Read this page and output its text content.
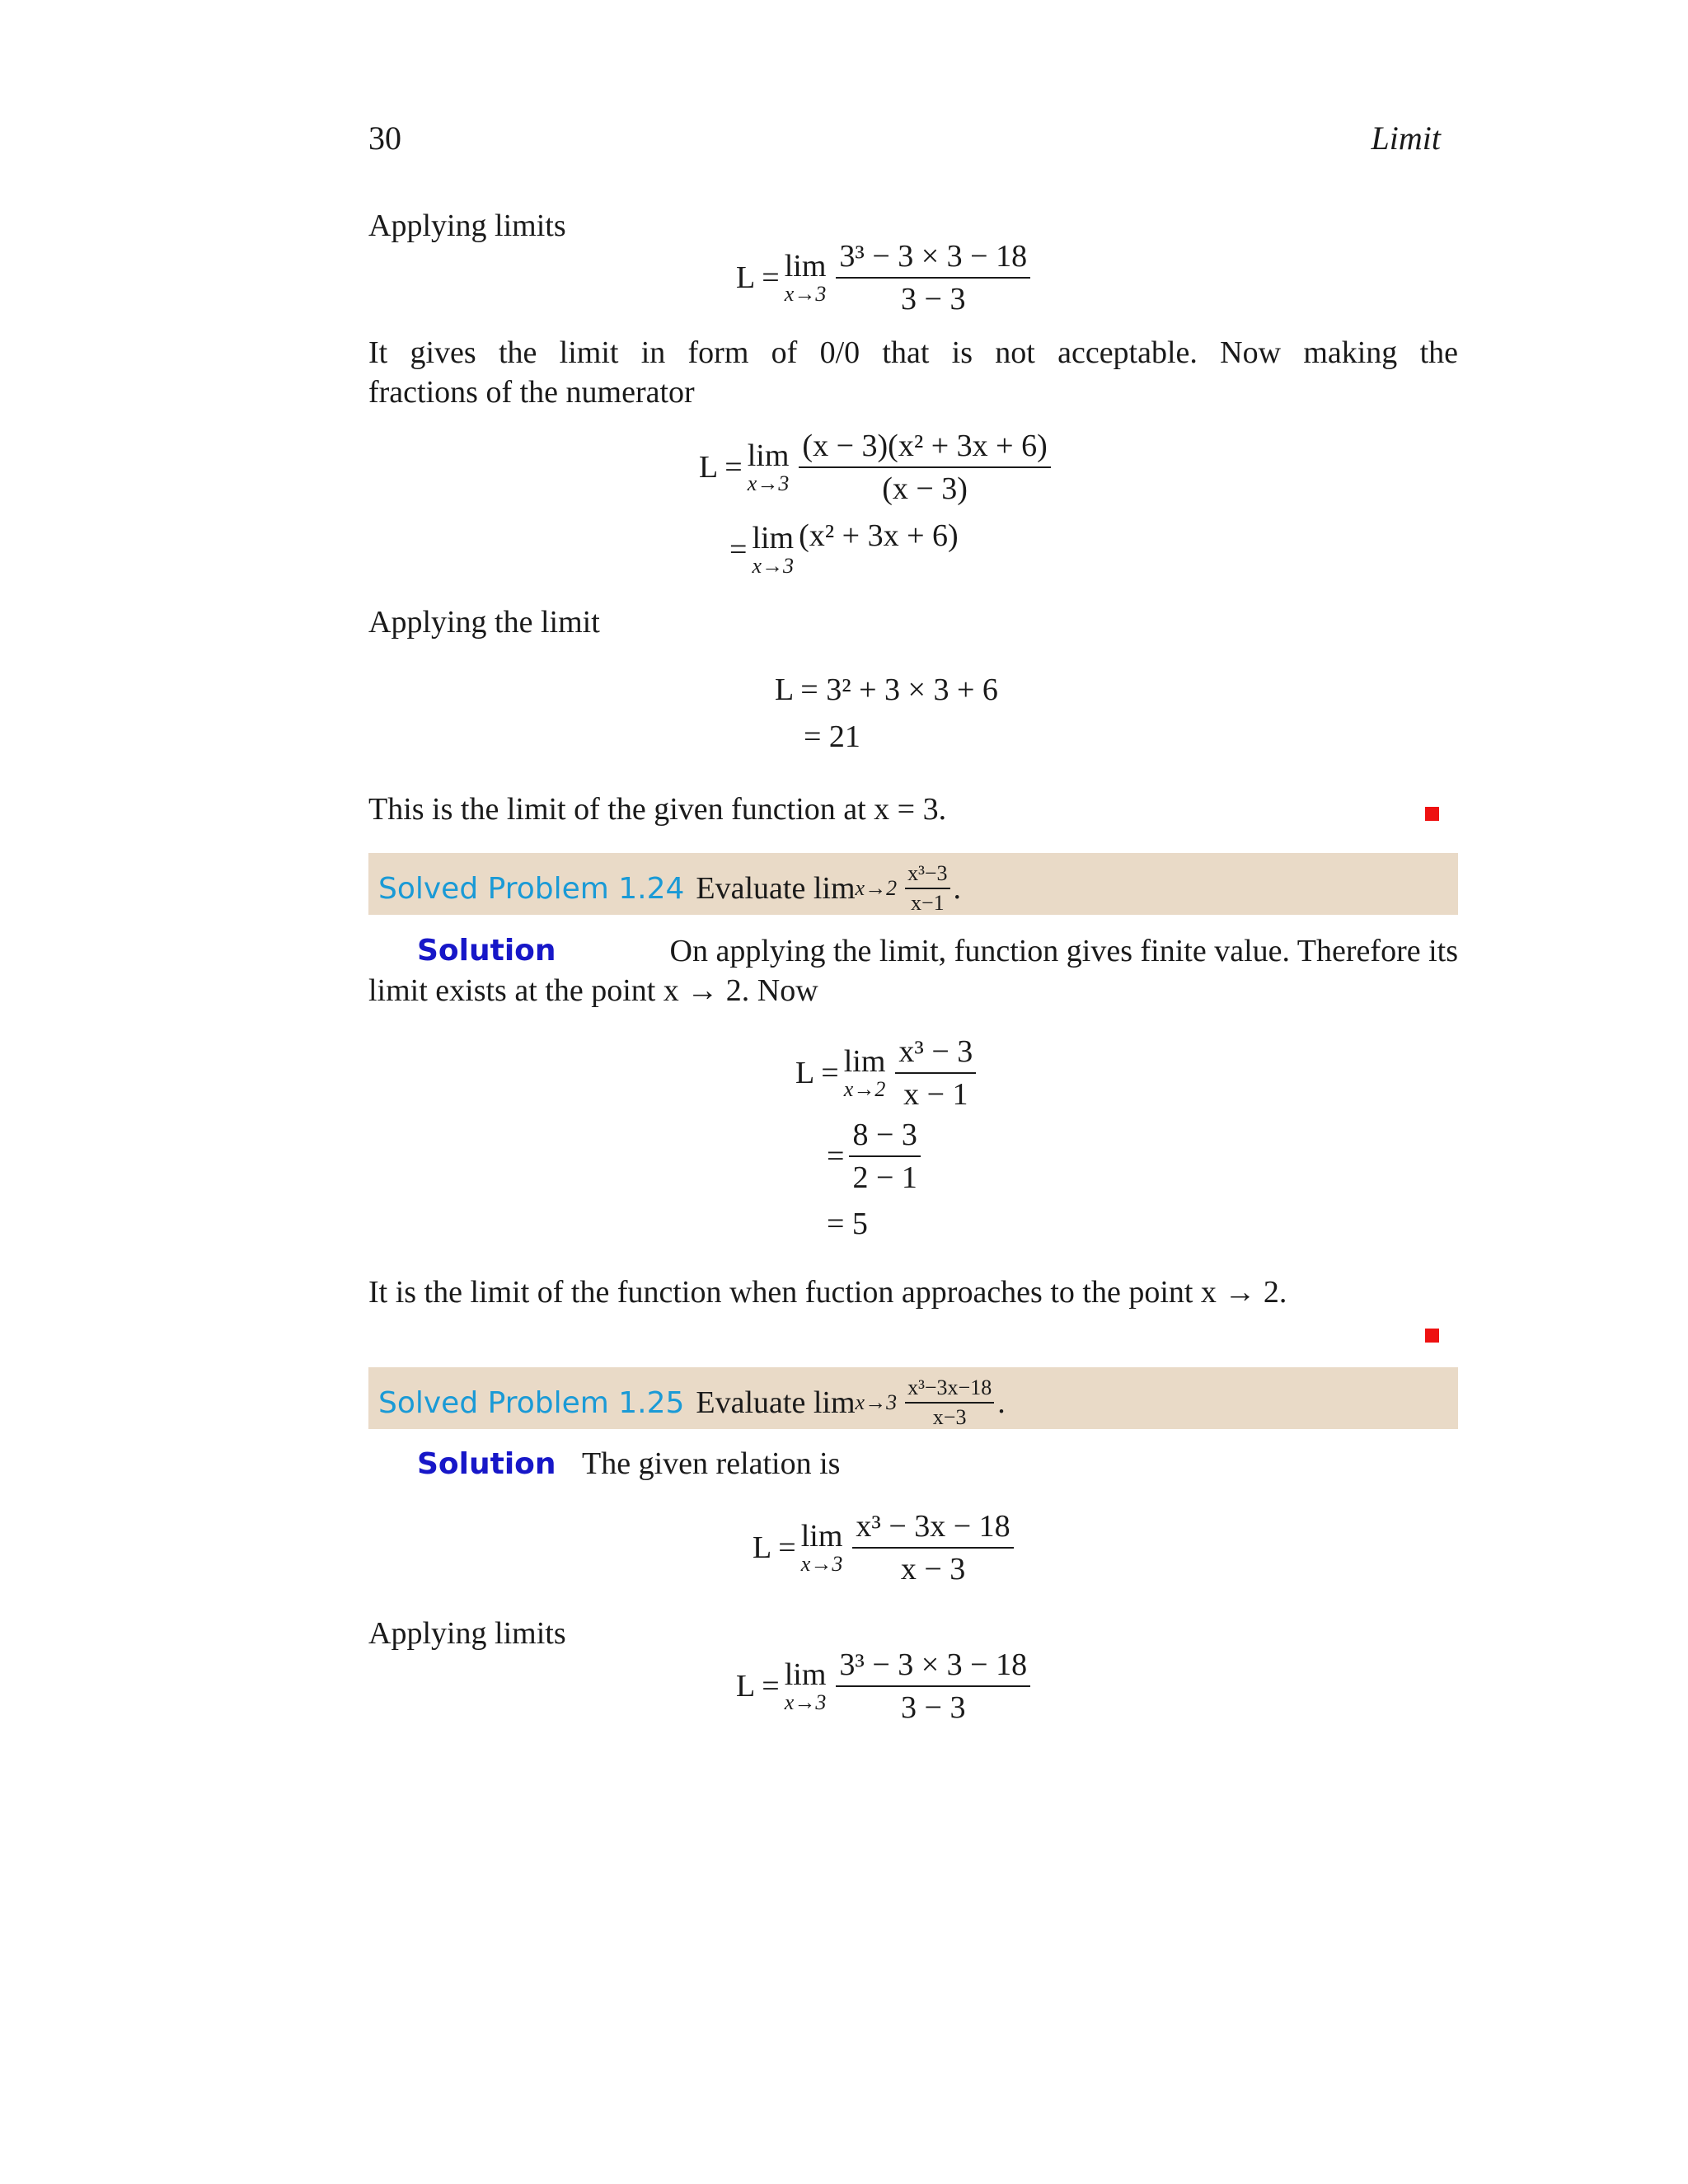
30	Limit
Applying limits
L = lim
$x\to 3 \frac{\text{3³ − 3 × 3 − 18}}{3 - 3}$
It gives the limit in form of 0/0 that is not acceptable. Now making the
fractions of the numerator
L = lim
$x\to 3 \frac{\text{(x − 3)(x² + 3x + 6)}}{(x - 3)}$
= lim
x→3
(x² + 3x + 6)
Applying the limit
L = 3² + 3 × 3 + 6
= 21
This is the limit of the given function at x = 3.
Solved Problem 1.24 Evaluate $\lim x\to 2 \frac{\text{x³−3}}{x-1}$ .
Solution	On applying the limit, function gives finite value. Therefore its
limit exists at the point x → 2. Now
L = lim
$x\to 2 \frac{\text{x³ − 3}}{x - 1}$
= $\frac{8 - 3}{2 - 1}$
= 5
It is the limit of the function when fuction approaches to the point x → 2.
Solved Problem 1.25 Evaluate $\lim x\to 3 \frac{\text{x³−3x−18}}{x-3}$ .
Solution The given relation is
L = lim
$x\to 3 \frac{\text{x³ − 3x − 18}}{x - 3}$
Applying limits
L = lim
$x\to 3 \frac{\text{3³ − 3 × 3 − 18}}{3 - 3}$
